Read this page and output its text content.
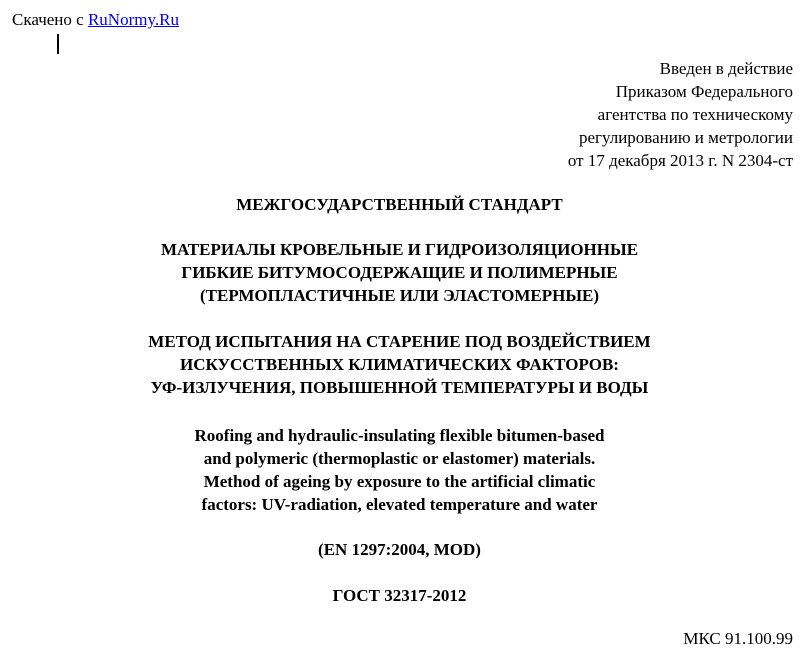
Скачено с RuNormy.Ru
Введен в действие
Приказом Федерального
агентства по техническому
регулированию и метрологии
от 17 декабря 2013 г. N 2304-ст
МЕЖГОСУДАРСТВЕННЫЙ СТАНДАРТ
МАТЕРИАЛЫ КРОВЕЛЬНЫЕ И ГИДРОИЗОЛЯЦИОННЫЕ
ГИБКИЕ БИТУМОСОДЕРЖАЩИЕ И ПОЛИМЕРНЫЕ
(ТЕРМОПЛАСТИЧНЫЕ ИЛИ ЭЛАСТОМЕРНЫЕ)
МЕТОД ИСПЫТАНИЯ НА СТАРЕНИЕ ПОД ВОЗДЕЙСТВИЕМ
ИСКУССТВЕННЫХ КЛИМАТИЧЕСКИХ ФАКТОРОВ:
УФ-ИЗЛУЧЕНИЯ, ПОВЫШЕННОЙ ТЕМПЕРАТУРЫ И ВОДЫ
Roofing and hydraulic-insulating flexible bitumen-based
and polymeric (thermoplastic or elastomer) materials.
Method of ageing by exposure to the artificial climatic
factors: UV-radiation, elevated temperature and water
(EN 1297:2004, MOD)
ГОСТ 32317-2012
МКС 91.100.99
